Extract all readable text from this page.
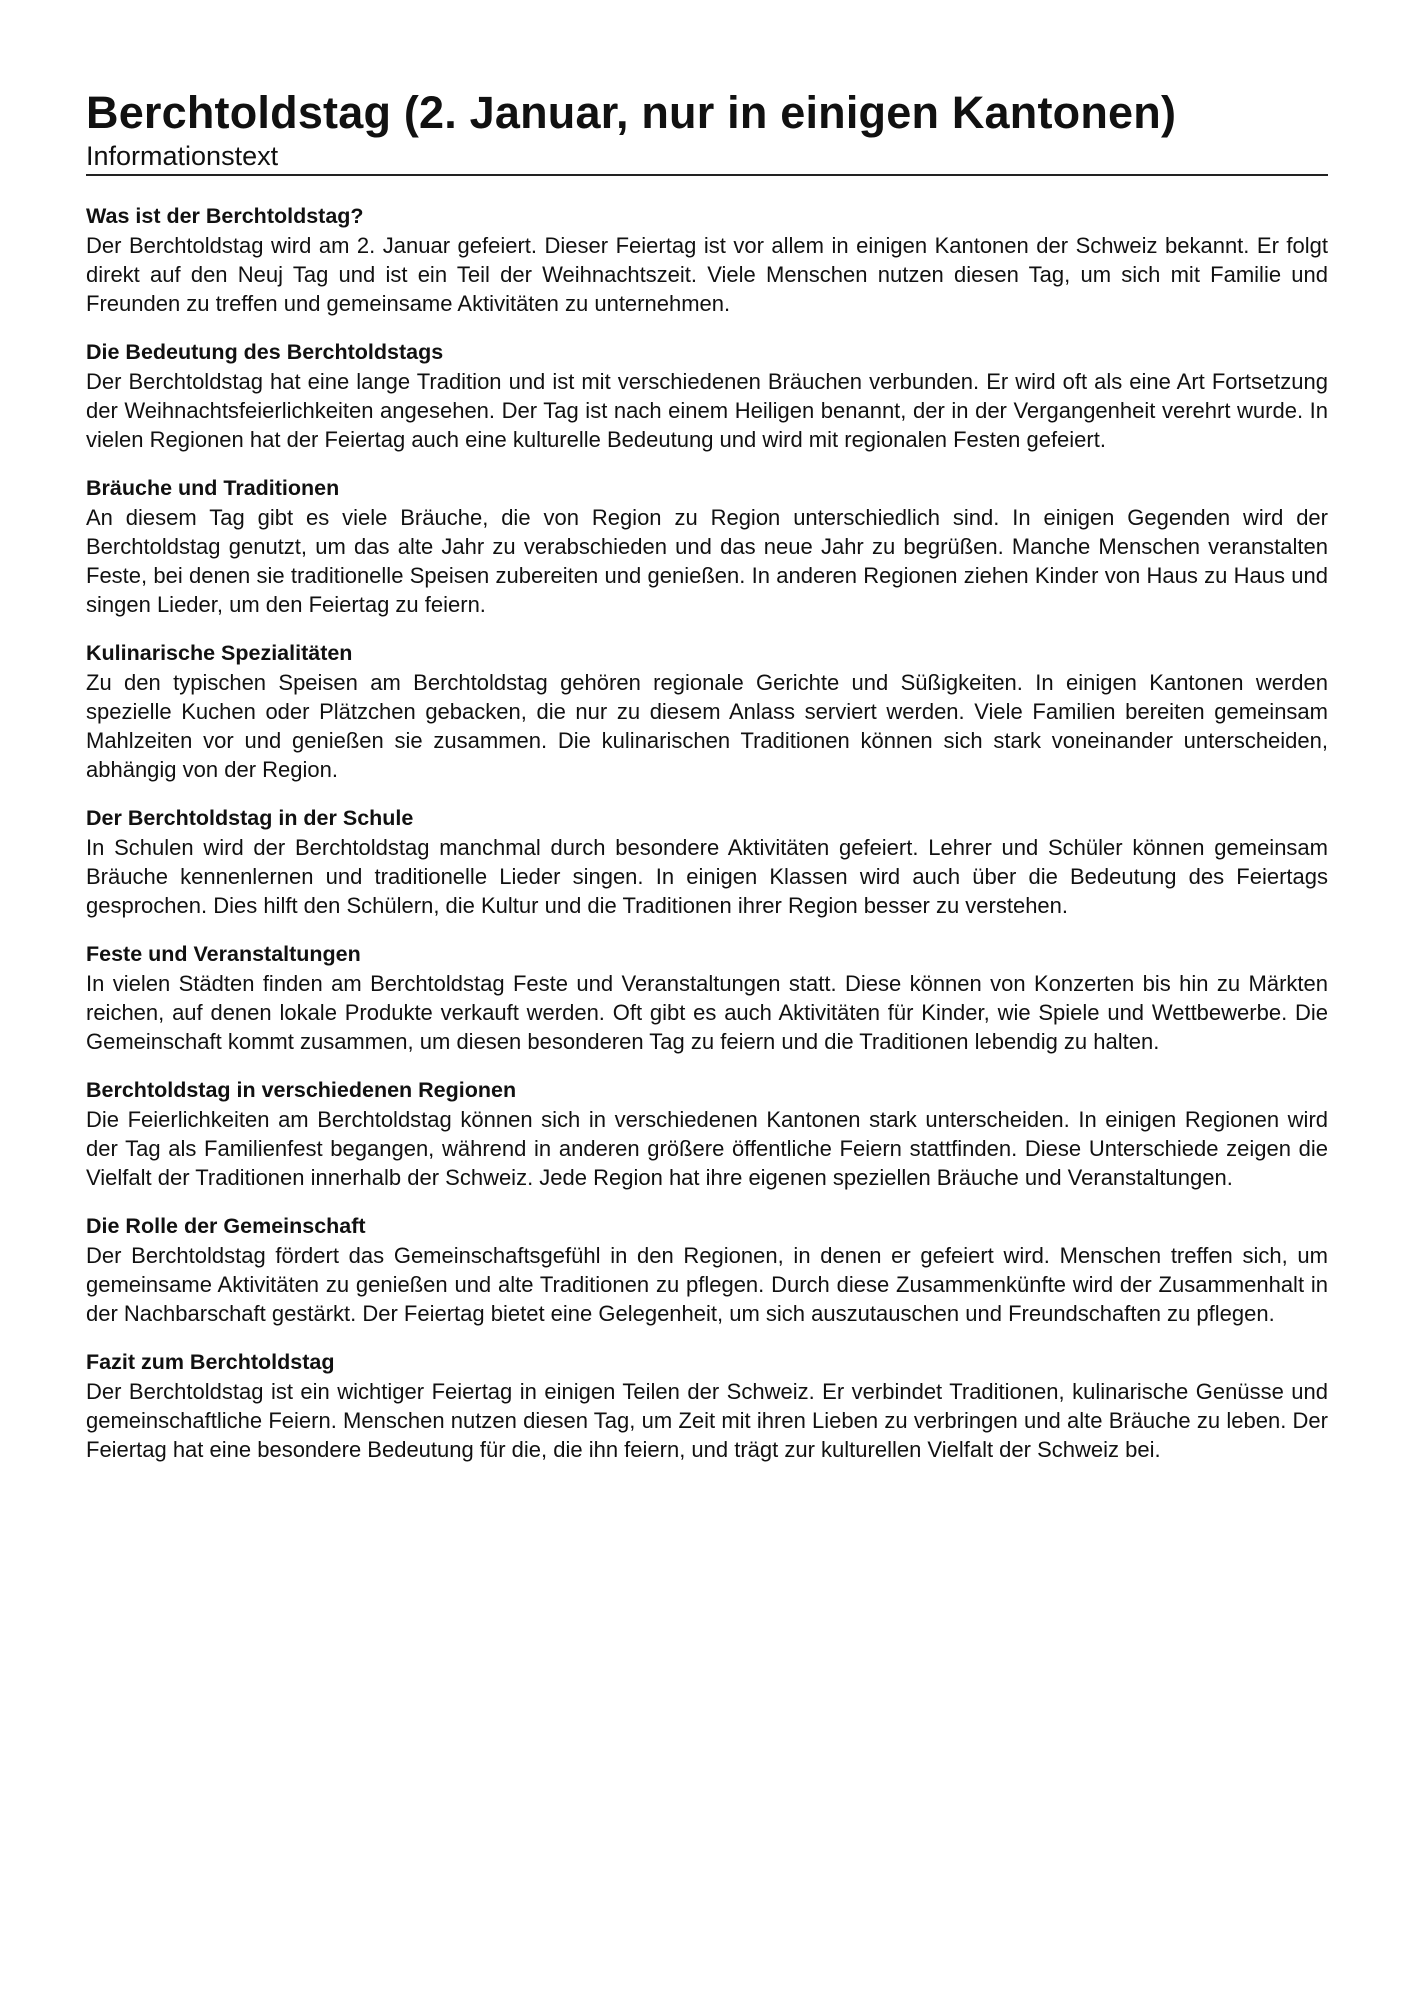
Berchtoldstag (2. Januar, nur in einigen Kantonen)
Informationstext
Was ist der Berchtoldstag?

Der Berchtoldstag wird am 2. Januar gefeiert. Dieser Feiertag ist vor allem in einigen Kantonen der Schweiz bekannt. Er folgt direkt auf den Neuj Tag und ist ein Teil der Weihnachtszeit. Viele Menschen nutzen diesen Tag, um sich mit Familie und Freunden zu treffen und gemeinsame Aktivitäten zu unternehmen.

Die Bedeutung des Berchtoldstags

Der Berchtoldstag hat eine lange Tradition und ist mit verschiedenen Bräuchen verbunden. Er wird oft als eine Art Fortsetzung der Weihnachtsfeierlichkeiten angesehen. Der Tag ist nach einem Heiligen benannt, der in der Vergangenheit verehrt wurde. In vielen Regionen hat der Feiertag auch eine kulturelle Bedeutung und wird mit regionalen Festen gefeiert.

Bräuche und Traditionen

An diesem Tag gibt es viele Bräuche, die von Region zu Region unterschiedlich sind. In einigen Gegenden wird der Berchtoldstag genutzt, um das alte Jahr zu verabschieden und das neue Jahr zu begrüßen. Manche Menschen veranstalten Feste, bei denen sie traditionelle Speisen zubereiten und genießen. In anderen Regionen ziehen Kinder von Haus zu Haus und singen Lieder, um den Feiertag zu feiern.

Kulinarische Spezialitäten

Zu den typischen Speisen am Berchtoldstag gehören regionale Gerichte und Süßigkeiten. In einigen Kantonen werden spezielle Kuchen oder Plätzchen gebacken, die nur zu diesem Anlass serviert werden. Viele Familien bereiten gemeinsam Mahlzeiten vor und genießen sie zusammen. Die kulinarischen Traditionen können sich stark voneinander unterscheiden, abhängig von der Region.

Der Berchtoldstag in der Schule

In Schulen wird der Berchtoldstag manchmal durch besondere Aktivitäten gefeiert. Lehrer und Schüler können gemeinsam Bräuche kennenlernen und traditionelle Lieder singen. In einigen Klassen wird auch über die Bedeutung des Feiertags gesprochen. Dies hilft den Schülern, die Kultur und die Traditionen ihrer Region besser zu verstehen.

Feste und Veranstaltungen

In vielen Städten finden am Berchtoldstag Feste und Veranstaltungen statt. Diese können von Konzerten bis hin zu Märkten reichen, auf denen lokale Produkte verkauft werden. Oft gibt es auch Aktivitäten für Kinder, wie Spiele und Wettbewerbe. Die Gemeinschaft kommt zusammen, um diesen besonderen Tag zu feiern und die Traditionen lebendig zu halten.

Berchtoldstag in verschiedenen Regionen

Die Feierlichkeiten am Berchtoldstag können sich in verschiedenen Kantonen stark unterscheiden. In einigen Regionen wird der Tag als Familienfest begangen, während in anderen größere öffentliche Feiern stattfinden. Diese Unterschiede zeigen die Vielfalt der Traditionen innerhalb der Schweiz. Jede Region hat ihre eigenen speziellen Bräuche und Veranstaltungen.

Die Rolle der Gemeinschaft

Der Berchtoldstag fördert das Gemeinschaftsgefühl in den Regionen, in denen er gefeiert wird. Menschen treffen sich, um gemeinsame Aktivitäten zu genießen und alte Traditionen zu pflegen. Durch diese Zusammenkünfte wird der Zusammenhalt in der Nachbarschaft gestärkt. Der Feiertag bietet eine Gelegenheit, um sich auszutauschen und Freundschaften zu pflegen.

Fazit zum Berchtoldstag

Der Berchtoldstag ist ein wichtiger Feiertag in einigen Teilen der Schweiz. Er verbindet Traditionen, kulinarische Genüsse und gemeinschaftliche Feiern. Menschen nutzen diesen Tag, um Zeit mit ihren Lieben zu verbringen und alte Bräuche zu leben. Der Feiertag hat eine besondere Bedeutung für die, die ihn feiern, und trägt zur kulturellen Vielfalt der Schweiz bei.
